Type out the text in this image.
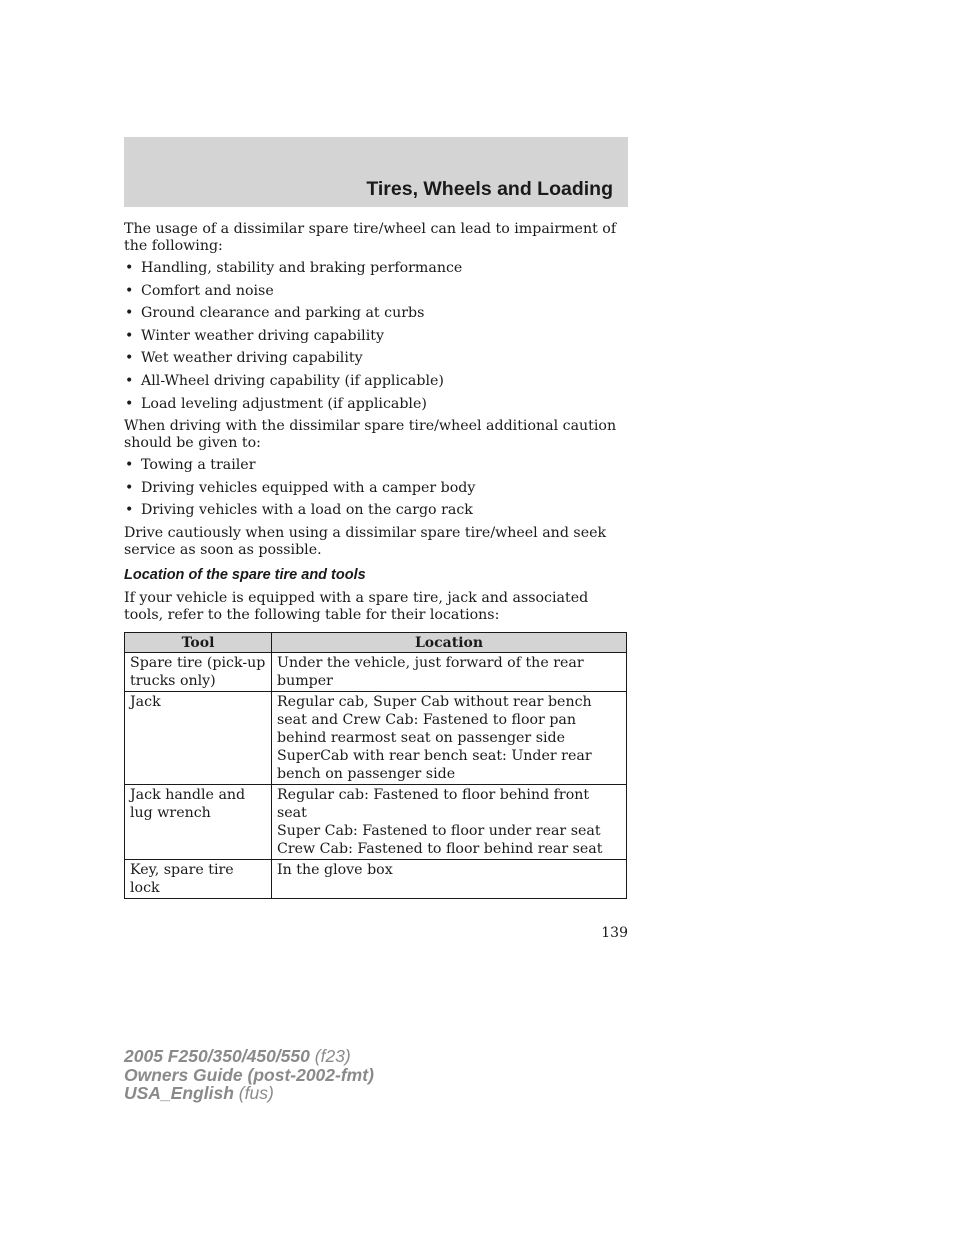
Tires, Wheels and Loading

The usage of a dissimilar spare tire/wheel can lead to impairment of the following:

• Handling, stability and braking performance
• Comfort and noise
• Ground clearance and parking at curbs
• Winter weather driving capability
• Wet weather driving capability
• All-Wheel driving capability (if applicable)
• Load leveling adjustment (if applicable)

When driving with the dissimilar spare tire/wheel additional caution should be given to:

• Towing a trailer
• Driving vehicles equipped with a camper body
• Driving vehicles with a load on the cargo rack

Drive cautiously when using a dissimilar spare tire/wheel and seek service as soon as possible.

Location of the spare tire and tools

If your vehicle is equipped with a spare tire, jack and associated tools, refer to the following table for their locations:

Tool	Location
Spare tire (pick-up trucks only)	Under the vehicle, just forward of the rear bumper

Jack	Regular cab, Super Cab without rear bench seat and Crew Cab: Fastened to floor pan behind rearmost seat on passenger side
SuperCab with rear bench seat: Under rear bench on passenger side

Jack handle and lug wrench	Regular cab: Fastened to floor behind front seat
Super Cab: Fastened to floor under rear seat
Crew Cab: Fastened to floor behind rear seat

Key, spare tire lock	In the glove box
139
2005 F250/350/450/550 (f23)
Owners Guide (post-2002-fmt)
USA_English (fus)
